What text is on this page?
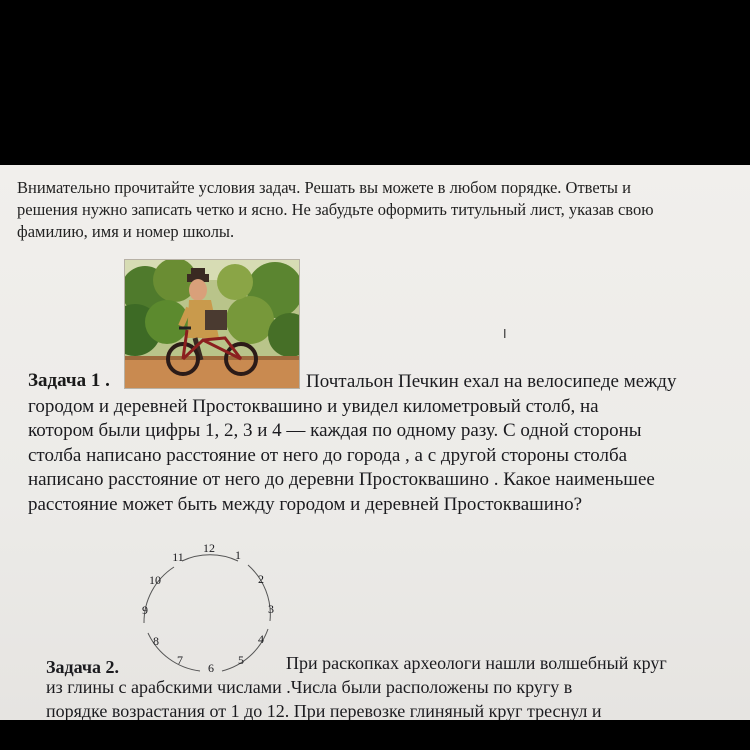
Внимательно прочитайте условия задач. Решать вы можете в любом порядке. Ответы и
решения нужно записать четко и ясно. Не забудьте оформить титульный лист, указав свою
фамилию, имя и номер школы.
I
Задача 1 .	Почтальон Печкин ехал на велосипеде между
городом и деревней Простоквашино и увидел километровый столб, на
котором были цифры 1, 2, 3 и 4 — каждая по одному разу. С одной стороны
столба написано расстояние от него до города , а с другой стороны столба
написано расстояние от него до деревни Простоквашино . Какое наименьшее
расстояние может быть между городом и деревней Простоквашино?
12 1
2
3
4
5
6
7
8
9
10
11
Задача 2.	При раскопках археологи нашли волшебный круг
из глины с арабскими числами .Числа были расположены по кругу в
порядке возрастания от 1 до 12. При перевозке глиняный круг треснул и
